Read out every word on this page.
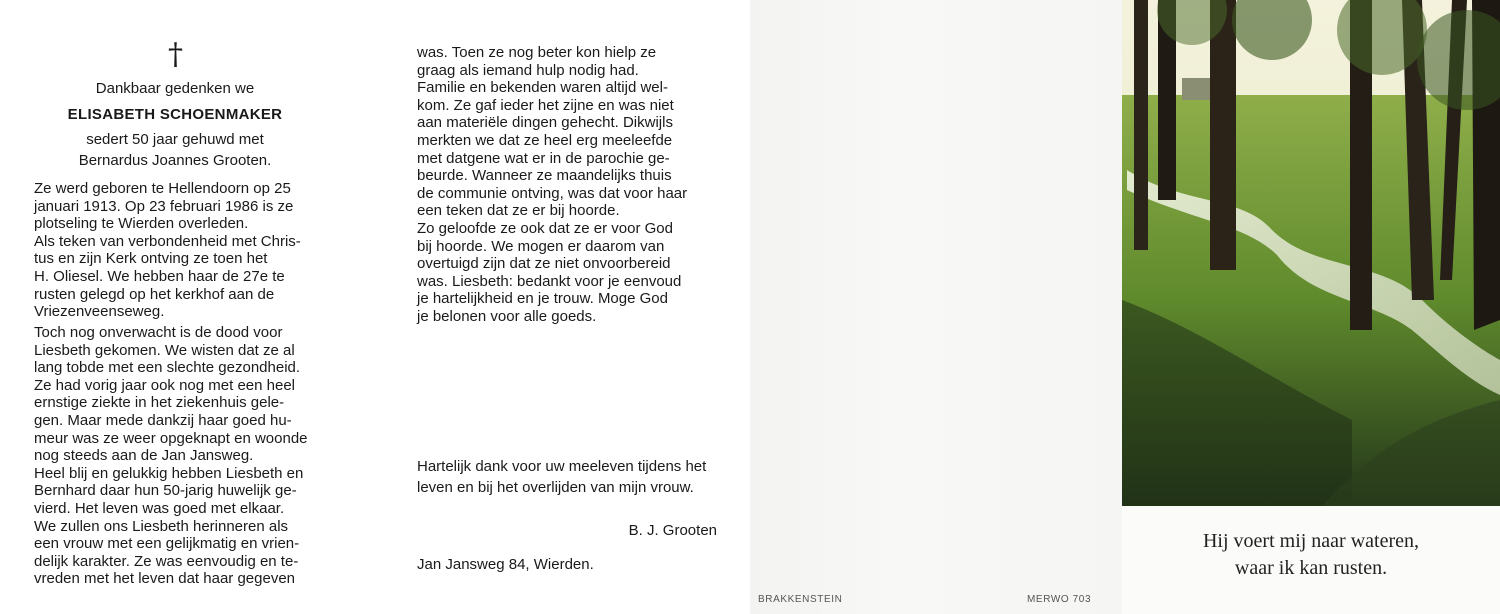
†
Dankbaar gedenken we
ELISABETH SCHOENMAKER
sedert 50 jaar gehuwd met
Bernardus Joannes Grooten.
Ze werd geboren te Hellendoorn op 25
januari 1913. Op 23 februari 1986 is ze
plotseling te Wierden overleden.
Als teken van verbondenheid met Chris-
tus en zijn Kerk ontving ze toen het
H. Oliesel. We hebben haar de 27e te
rusten gelegd op het kerkhof aan de
Vriezenveenseweg.
Toch nog onverwacht is de dood voor
Liesbeth gekomen. We wisten dat ze al
lang tobde met een slechte gezondheid.
Ze had vorig jaar ook nog met een heel
ernstige ziekte in het ziekenhuis gele-
gen. Maar mede dankzij haar goed hu-
meur was ze weer opgeknapt en woonde
nog steeds aan de Jan Jansweg.
Heel blij en gelukkig hebben Liesbeth en
Bernhard daar hun 50-jarig huwelijk ge-
vierd. Het leven was goed met elkaar.
We zullen ons Liesbeth herinneren als
een vrouw met een gelijkmatig en vrien-
delijk karakter. Ze was eenvoudig en te-
vreden met het leven dat haar gegeven
was. Toen ze nog beter kon hielp ze
graag als iemand hulp nodig had.
Familie en bekenden waren altijd wel-
kom. Ze gaf ieder het zijne en was niet
aan materiële dingen gehecht. Dikwijls
merkten we dat ze heel erg meeleefde
met datgene wat er in de parochie ge-
beurde. Wanneer ze maandelijks thuis
de communie ontving, was dat voor haar
een teken dat ze er bij hoorde.
Zo geloofde ze ook dat ze er voor God
bij hoorde. We mogen er daarom van
overtuigd zijn dat ze niet onvoorbereid
was. Liesbeth: bedankt voor je eenvoud
je hartelijkheid en je trouw. Moge God
je belonen voor alle goeds.
Hartelijk dank voor uw meeleven tijdens het leven en bij het overlijden van mijn vrouw.
B. J. Grooten
Jan Jansweg 84, Wierden.
BRAKKENSTEIN	MERWO 703
Hij voert mij naar wateren,
waar ik kan rusten.
